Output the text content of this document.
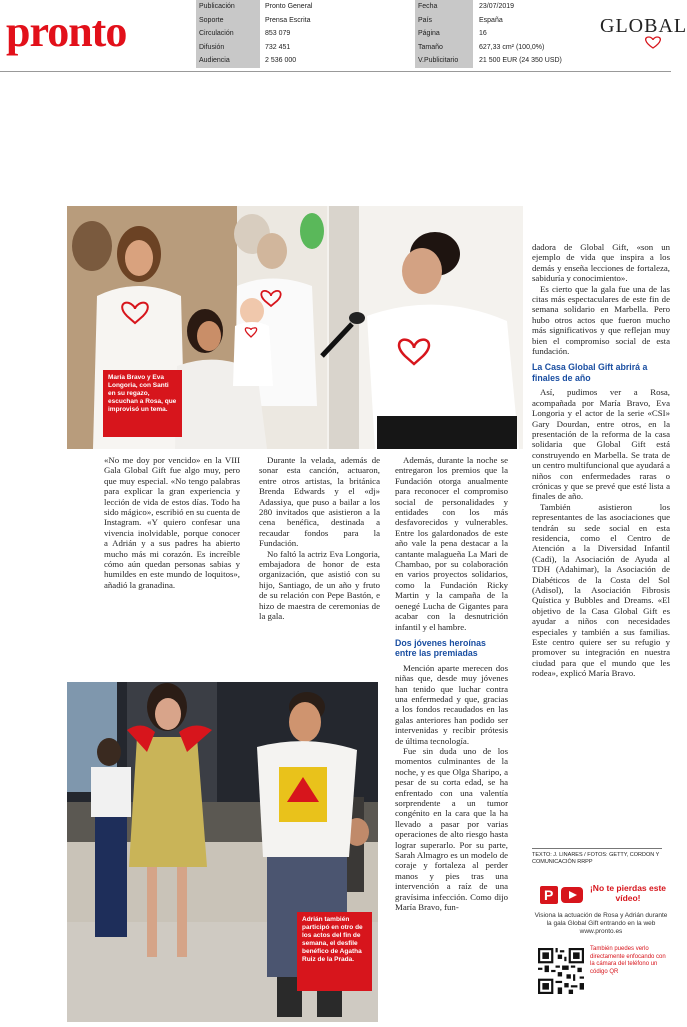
pronto
Publicación	Pronto General
Soporte	Prensa Escrita
Circulación	853 079
Difusión	732 451
Audiencia	2 536 000
Fecha	23/07/2019
País	España
Página	16
Tamaño	627,33 cm² (100,0%)
V.Publicitario	21 500 EUR (24 350 USD)
GLOBAL
María Bravo y Eva Longoria, con Santi en su regazo, escuchan a Rosa, que improvisó un tema.
Adrián también participó en otro de los actos del fin de semana, el desfile benéfico de Agatha Ruiz de la Prada.

«No me doy por vencido» en la VIII Gala Global Gift fue algo muy, pero que muy especial. «No tengo palabras para explicar la gran experiencia y lección de vida de estos días. Todo ha sido mágico», escribió en su cuenta de Instagram. «Y quiero confesar una vivencia inolvidable, porque conocer a Adrián y a sus padres ha abierto mucho más mi corazón. Es increíble cómo aún quedan personas sabias y humildes en este mundo de loquitos», añadió la granadina.

Durante la velada, además de sonar esta canción, actuaron, entre otros artistas, la británica Brenda Edwards y el «dj» Adassiya, que puso a bailar a los 280 invitados que asistieron a la cena benéfica, destinada a recaudar fondos para la Fundación.

No faltó la actriz Eva Longoria, embajadora de honor de esta organización, que asistió con su hijo, Santiago, de un año y fruto de su relación con Pepe Bastón, e hizo de maestra de ceremonias de la gala.

Además, durante la noche se entregaron los premios que la Fundación otorga anualmente para reconocer el compromiso social de personalidades y entidades con los más desfavorecidos y vulnerables. Entre los galardonados de este año vale la pena destacar a la cantante malagueña La Mari de Chambao, por su colaboración en varios proyectos solidarios, como la Fundación Ricky Martin y la campaña de la oenegé Lucha de Gigantes para acabar con la desnutrición infantil y el hambre.

Dos jóvenes heroínas entre las premiadas

Mención aparte merecen dos niñas que, desde muy jóvenes han tenido que luchar contra una enfermedad y que, gracias a los fondos recaudados en las galas anteriores han podido ser intervenidas y recibir prótesis de última tecnología.

Fue sin duda uno de los momentos culminantes de la noche, y es que Olga Sharipo, a pesar de su corta edad, se ha enfrentado con una valentía sorprendente a un tumor congénito en la cara que la ha llevado a pasar por varias operaciones de alto riesgo hasta lograr superarlo. Por su parte, Sarah Almagro es un modelo de coraje y fortaleza al perder manos y pies tras una intervención a raíz de una gravísima infección. Como dijo María Bravo, fun-

dadora de Global Gift, «son un ejemplo de vida que inspira a los demás y enseña lecciones de fortaleza, sabiduría y conocimiento».

Es cierto que la gala fue una de las citas más espectaculares de este fin de semana solidario en Marbella. Pero hubo otros actos que fueron mucho más significativos y que reflejan muy bien el compromiso social de esta fundación.

La Casa Global Gift abrirá a finales de año

Así, pudimos ver a Rosa, acompañada por María Bravo, Eva Longoria y el actor de la serie «CSI» Gary Dourdan, entre otros, en la presentación de la reforma de la casa solidaria que Global Gift está construyendo en Marbella. Se trata de un centro multifuncional que ayudará a niños con enfermedades raras o crónicas y que se prevé que esté lista a finales de año.

También asistieron los representantes de las asociaciones que tendrán su sede social en esta residencia, como el Centro de Atención a la Diversidad Infantil (Cadi), la Asociación de Ayuda al TDH (Adahimar), la Asociación de Diabéticos de la Costa del Sol (Adisol), la Asociación Fibrosis Quística y Bubbles and Dreams. «El objetivo de la Casa Global Gift es ayudar a niños con necesidades especiales y también a sus familias. Este centro quiere ser su refugio y promover su integración en nuestra ciudad para que el mundo que les rodea», explicó María Bravo.

TEXTO: J. LINARES / FOTOS: GETTY, CORDON Y COMUNICACIÓN RRPP
P	¡No te pierdas este vídeo!
Visiona la actuación de Rosa y Adrián durante la gala Global Gift entrando en la web www.pronto.es
También puedes verlo directamente enfocando con la cámara del teléfono un código QR
